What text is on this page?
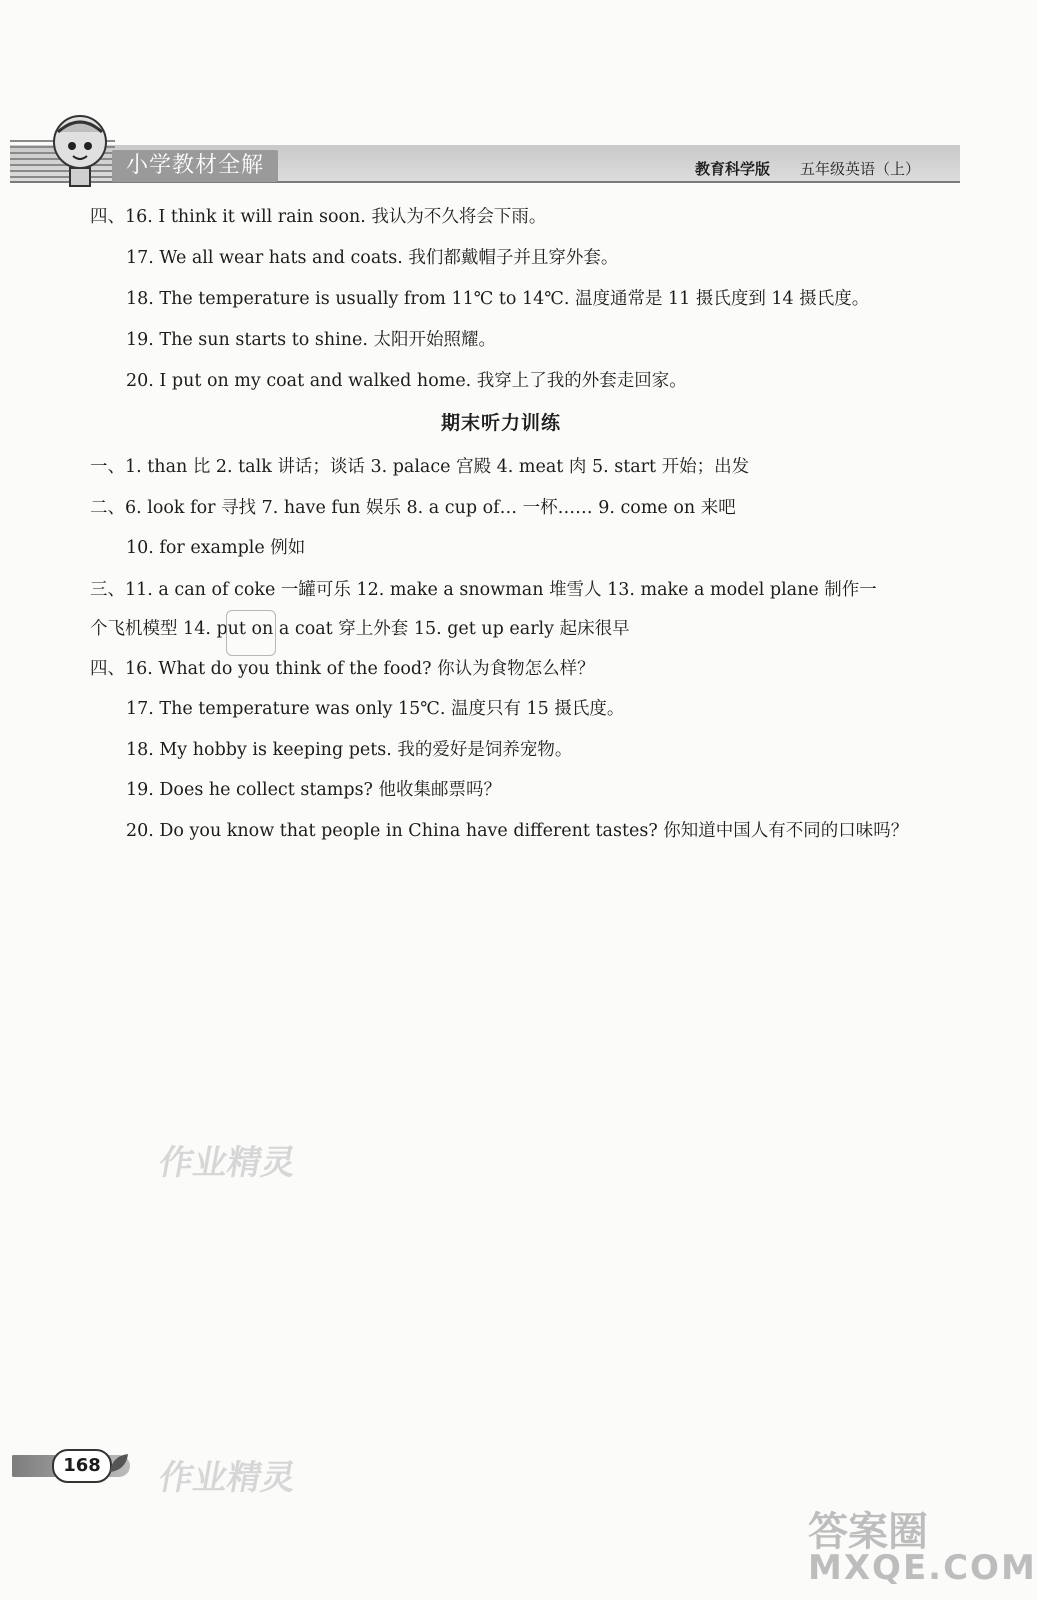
小学教材全解	教育科学版 五年级英语（上）
四、16. I think it will rain soon. 我认为不久将会下雨。
17. We all wear hats and coats. 我们都戴帽子并且穿外套。
18. The temperature is usually from 11℃ to 14℃. 温度通常是 11 摄氏度到 14 摄氏度。
19. The sun starts to shine. 太阳开始照耀。
20. I put on my coat and walked home. 我穿上了我的外套走回家。
期末听力训练
一、1. than 比 2. talk 讲话；谈话 3. palace 宫殿 4. meat 肉 5. start 开始；出发
二、6. look for 寻找 7. have fun 娱乐 8. a cup of… 一杯…… 9. come on 来吧
10. for example 例如
三、11. a can of coke 一罐可乐 12. make a snowman 堆雪人 13. make a model plane 制作一
个飞机模型 14. put on a coat 穿上外套 15. get up early 起床很早
四、16. What do you think of the food? 你认为食物怎么样？
17. The temperature was only 15℃. 温度只有 15 摄氏度。
18. My hobby is keeping pets. 我的爱好是饲养宠物。
19. Does he collect stamps? 他收集邮票吗？
20. Do you know that people in China have different tastes? 你知道中国人有不同的口味吗？
作业精灵
作业精灵
168
答案圈
MXQE.COM
